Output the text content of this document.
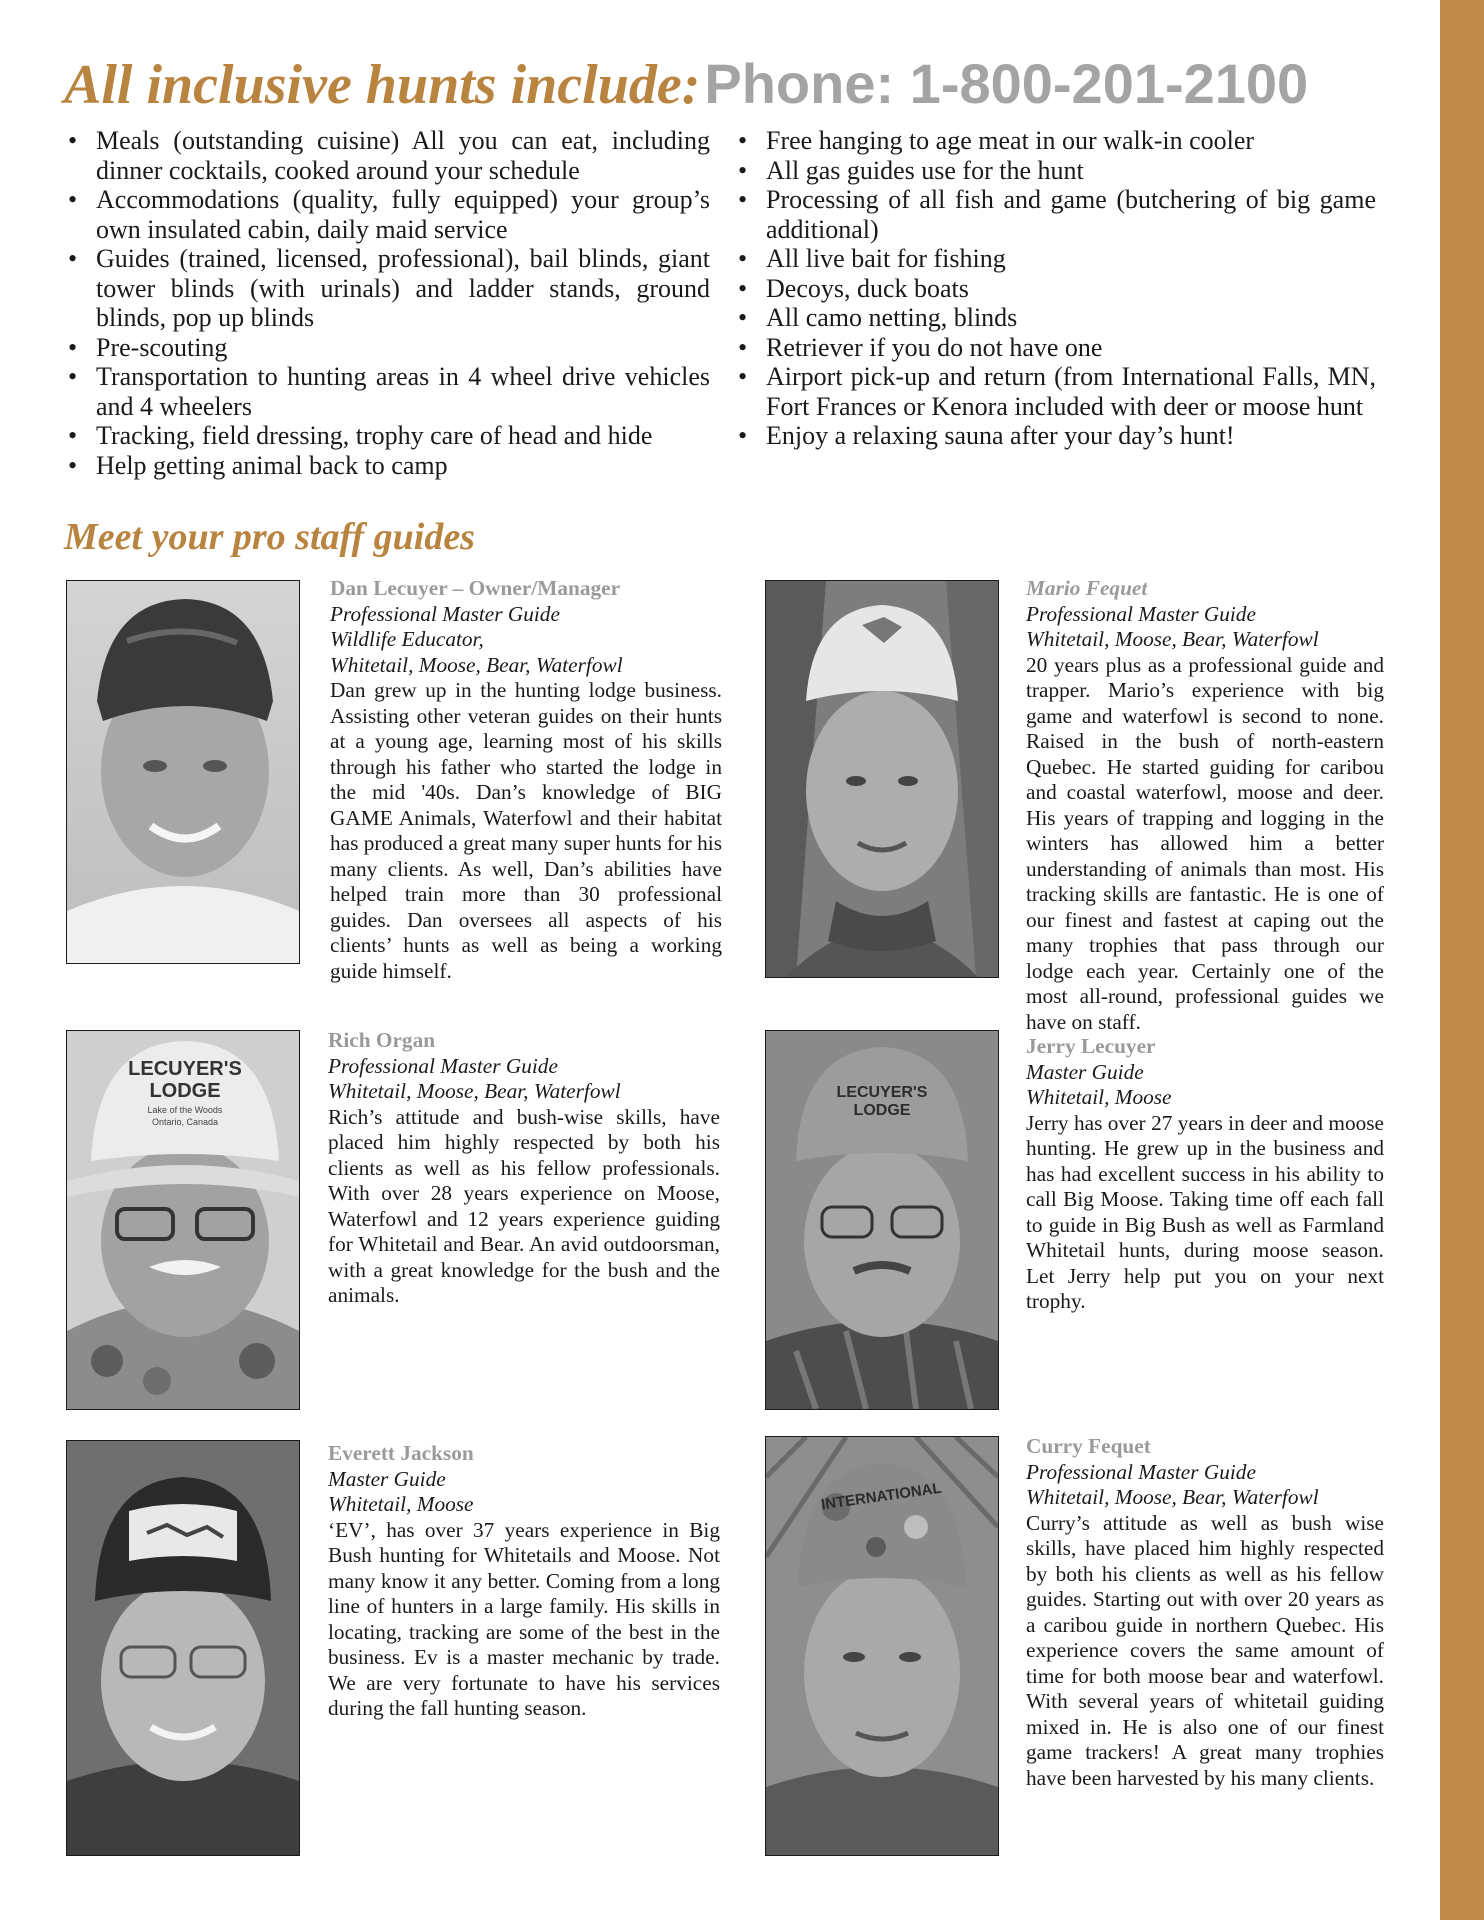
All inclusive hunts include: Phone: 1-800-201-2100
• Meals (outstanding cuisine) All you can eat, including dinner cocktails, cooked around your schedule
• Accommodations (quality, fully equipped) your group’s own insulated cabin, daily maid service
• Guides (trained, licensed, professional), bail blinds, giant tower blinds (with urinals) and ladder stands, ground blinds, pop up blinds
• Pre-scouting
• Transportation to hunting areas in 4 wheel drive vehicles and 4 wheelers
• Tracking, field dressing, trophy care of head and hide
• Help getting animal back to camp
• Free hanging to age meat in our walk-in cooler
• All gas guides use for the hunt
• Processing of all fish and game (butchering of big game additional)
• All live bait for fishing
• Decoys, duck boats
• All camo netting, blinds
• Retriever if you do not have one
• Airport pick-up and return (from International Falls, MN, Fort Frances or Kenora included with deer or moose hunt
• Enjoy a relaxing sauna after your day’s hunt!
Meet your pro staff guides
Dan Lecuyer – Owner/Manager
Professional Master Guide
Wildlife Educator,
Whitetail, Moose, Bear, Waterfowl
Dan grew up in the hunting lodge business. Assisting other veteran guides on their hunts at a young age, learning most of his skills through his father who started the lodge in the mid '40s. Dan’s knowledge of BIG GAME Animals, Waterfowl and their habitat has produced a great many super hunts for his many clients. As well, Dan’s abilities have helped train more than 30 professional guides. Dan oversees all aspects of his clients’ hunts as well as being a working guide himself.
Mario Fequet
Professional Master Guide
Whitetail, Moose, Bear, Waterfowl
20 years plus as a professional guide and trapper. Mario’s experience with big game and waterfowl is second to none. Raised in the bush of north-eastern Quebec. He started guiding for caribou and coastal waterfowl, moose and deer. His years of trapping and logging in the winters has allowed him a better understanding of animals than most. His tracking skills are fantastic. He is one of our finest and fastest at caping out the many trophies that pass through our lodge each year. Certainly one of the most all-round, professional guides we have on staff.
LECUYER'S
LODGE
Lake of the Woods
Ontario, Canada
Rich Organ
Professional Master Guide
Whitetail, Moose, Bear, Waterfowl
Rich’s attitude and bush-wise skills, have placed him highly respected by both his clients as well as his fellow professionals. With over 28 years experience on Moose, Waterfowl and 12 years experience guiding for Whitetail and Bear. An avid outdoorsman, with a great knowledge for the bush and the animals.
LECUYER'S
LODGE
Jerry Lecuyer
Master Guide
Whitetail, Moose
Jerry has over 27 years in deer and moose hunting. He grew up in the business and has had excellent success in his ability to call Big Moose. Taking time off each fall to guide in Big Bush as well as Farmland Whitetail hunts, during moose season. Let Jerry help put you on your next trophy.
Everett Jackson
Master Guide
Whitetail, Moose
‘EV’, has over 37 years experience in Big Bush hunting for Whitetails and Moose. Not many know it any better. Coming from a long line of hunters in a large family. His skills in locating, tracking are some of the best in the business. Ev is a master mechanic by trade. We are very fortunate to have his services during the fall hunting season.
INTERNATIONAL
Curry Fequet
Professional Master Guide
Whitetail, Moose, Bear, Waterfowl
Curry’s attitude as well as bush wise skills, have placed him highly respected by both his clients as well as his fellow guides. Starting out with over 20 years as a caribou guide in northern Quebec. His experience covers the same amount of time for both moose bear and waterfowl. With several years of whitetail guiding mixed in. He is also one of our finest game trackers! A great many trophies have been harvested by his many clients.
